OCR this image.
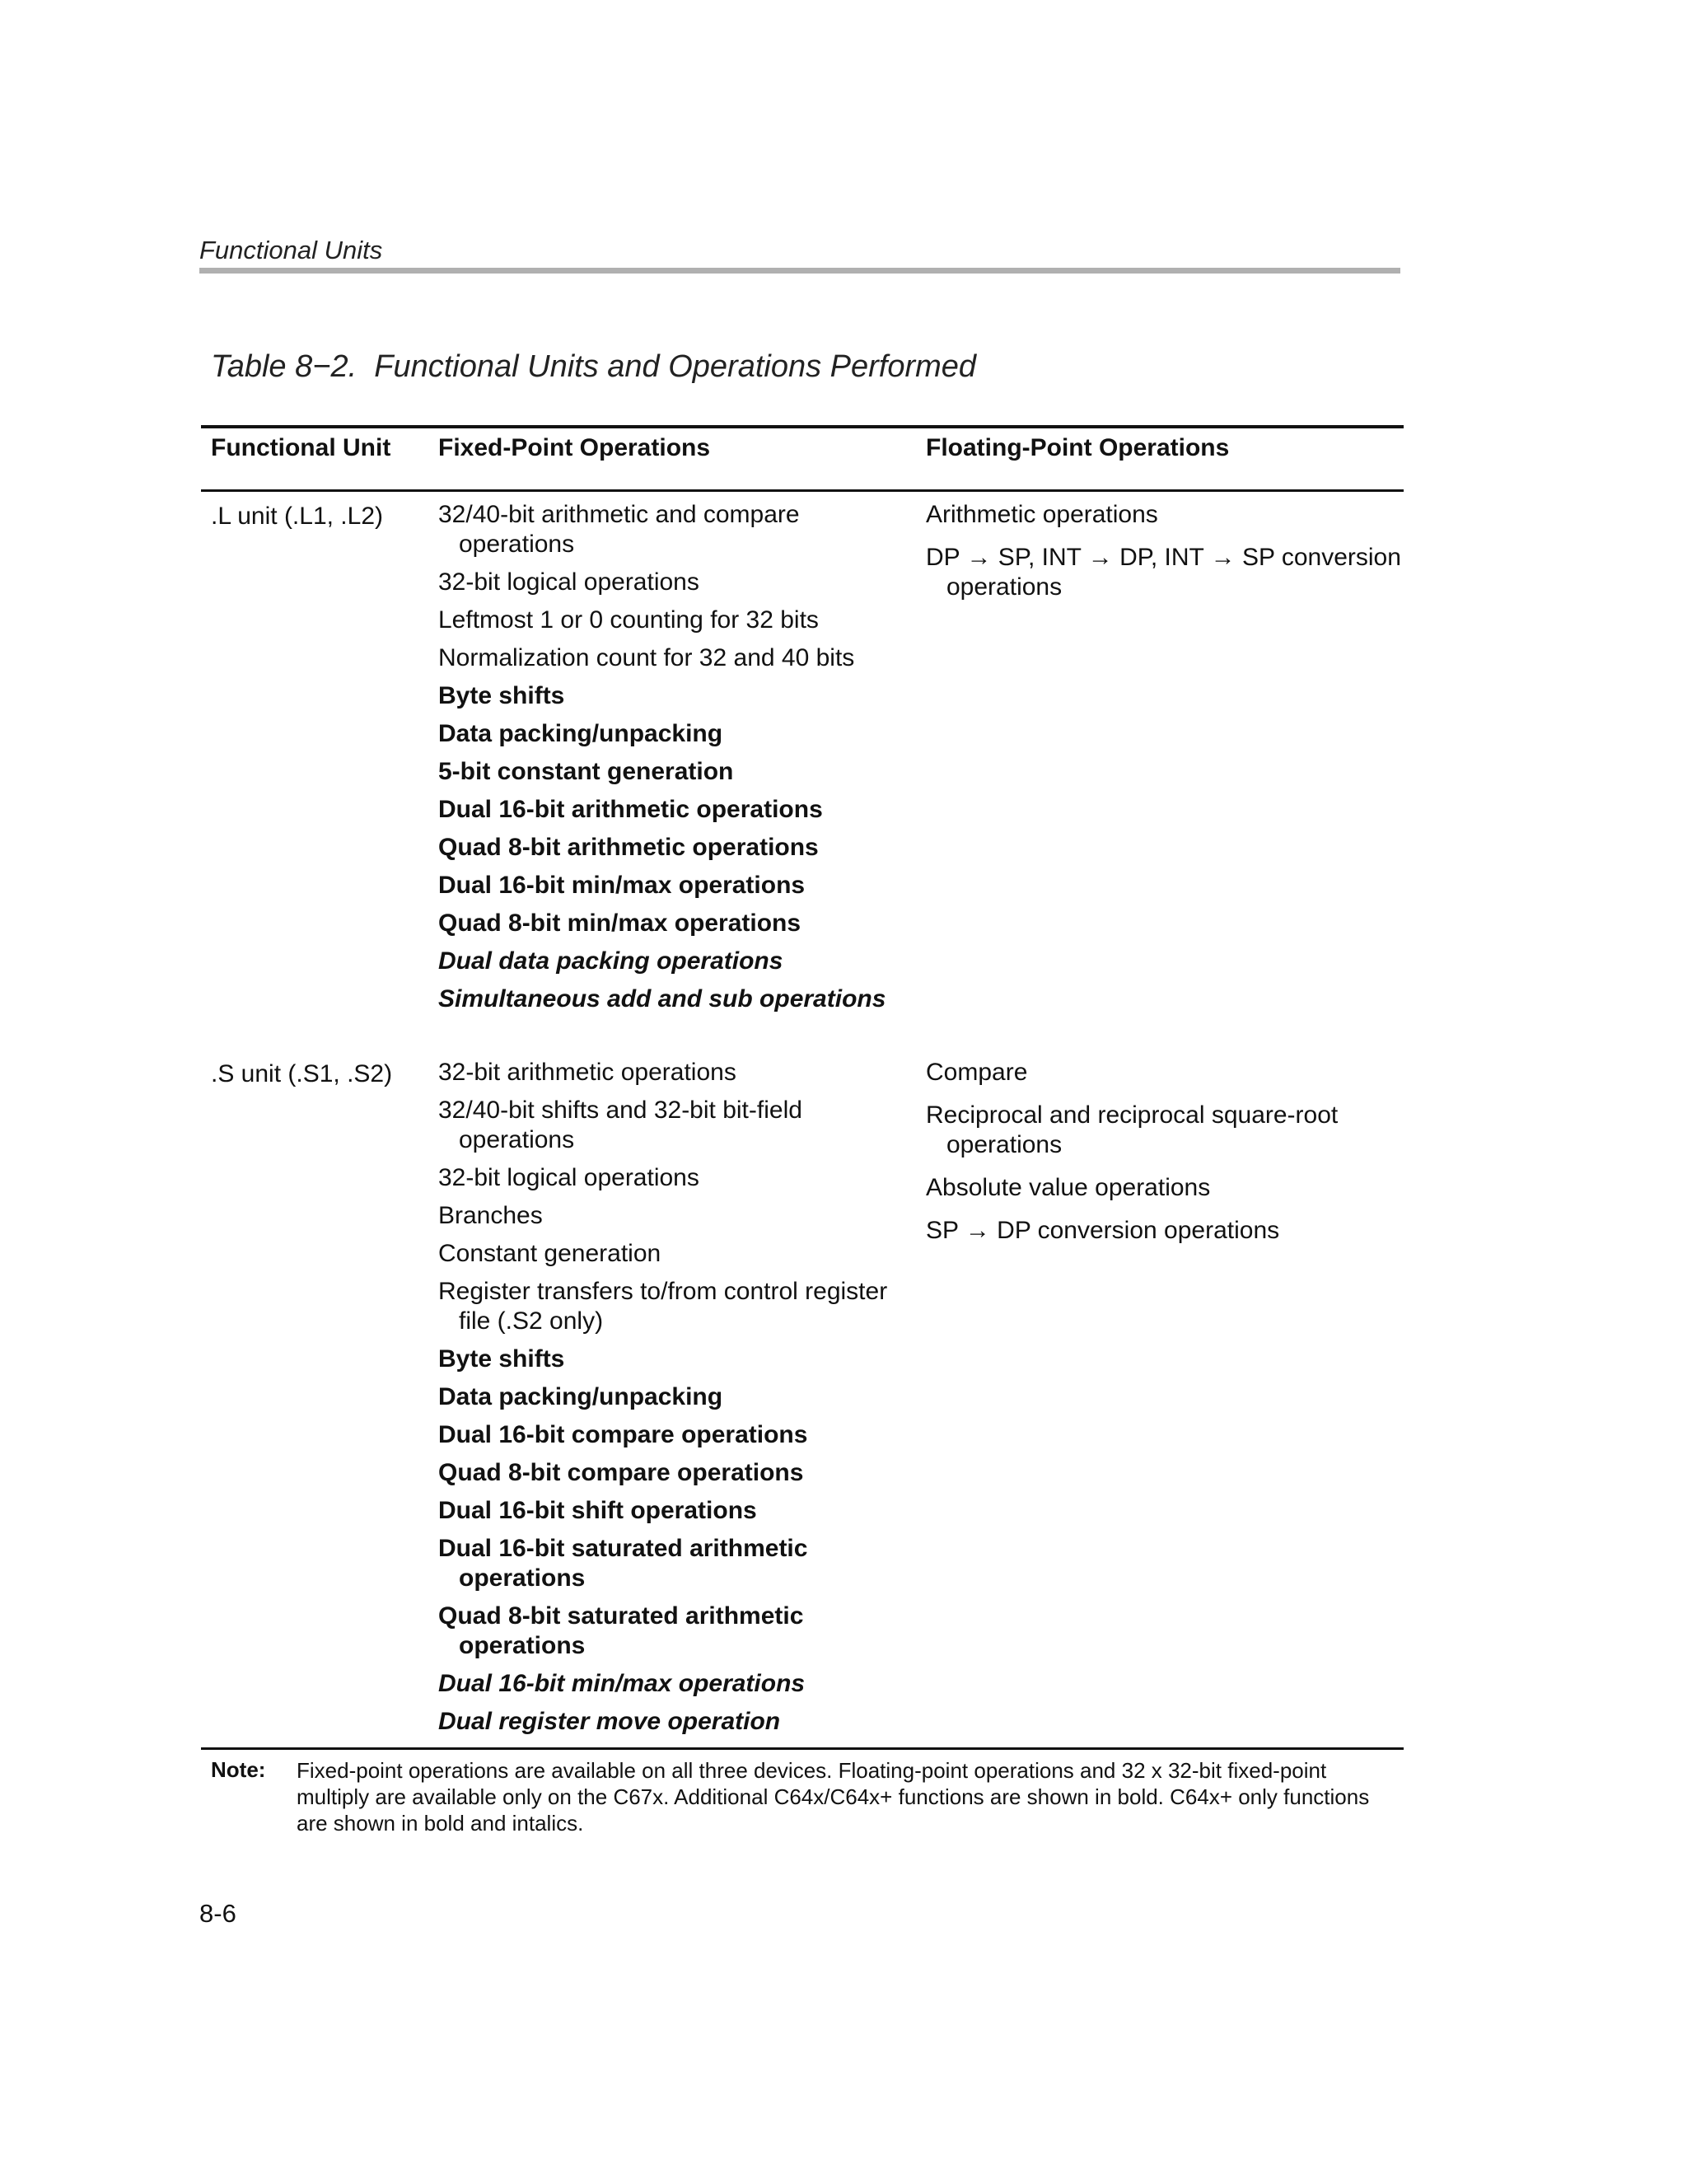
Functional Units
Table 8−2.  Functional Units and Operations Performed
Functional Unit Fixed-Point Operations	Floating-Point Operations
.L unit (.L1, .L2) 32/40-bit arithmetic and compare operations
32-bit logical operations
Leftmost 1 or 0 counting for 32 bits
Normalization count for 32 and 40 bits
Byte shifts
Data packing/unpacking
5-bit constant generation
Dual 16-bit arithmetic operations
Quad 8-bit arithmetic operations
Dual 16-bit min/max operations
Quad 8-bit min/max operations
Dual data packing operations
Simultaneous add and sub operations
Arithmetic operations
DP → SP, INT → DP, INT → SP conversion operations
.S unit (.S1, .S2) 32-bit arithmetic operations
32/40-bit shifts and 32-bit bit-field operations
32-bit logical operations
Branches
Constant generation
Register transfers to/from control register file (.S2 only)
Byte shifts
Data packing/unpacking
Dual 16-bit compare operations
Quad 8-bit compare operations
Dual 16-bit shift operations
Dual 16-bit saturated arithmetic operations
Quad 8-bit saturated arithmetic operations
Dual 16-bit min/max operations
Dual register move operation
Compare
Reciprocal and reciprocal square-root operations
Absolute value operations
SP → DP conversion operations
Note: Fixed-point operations are available on all three devices. Floating-point operations and 32 x 32-bit fixed-point multiply are available only on the C67x. Additional C64x/C64x+ functions are shown in bold. C64x+ only functions are shown in bold and intalics.
8-6
